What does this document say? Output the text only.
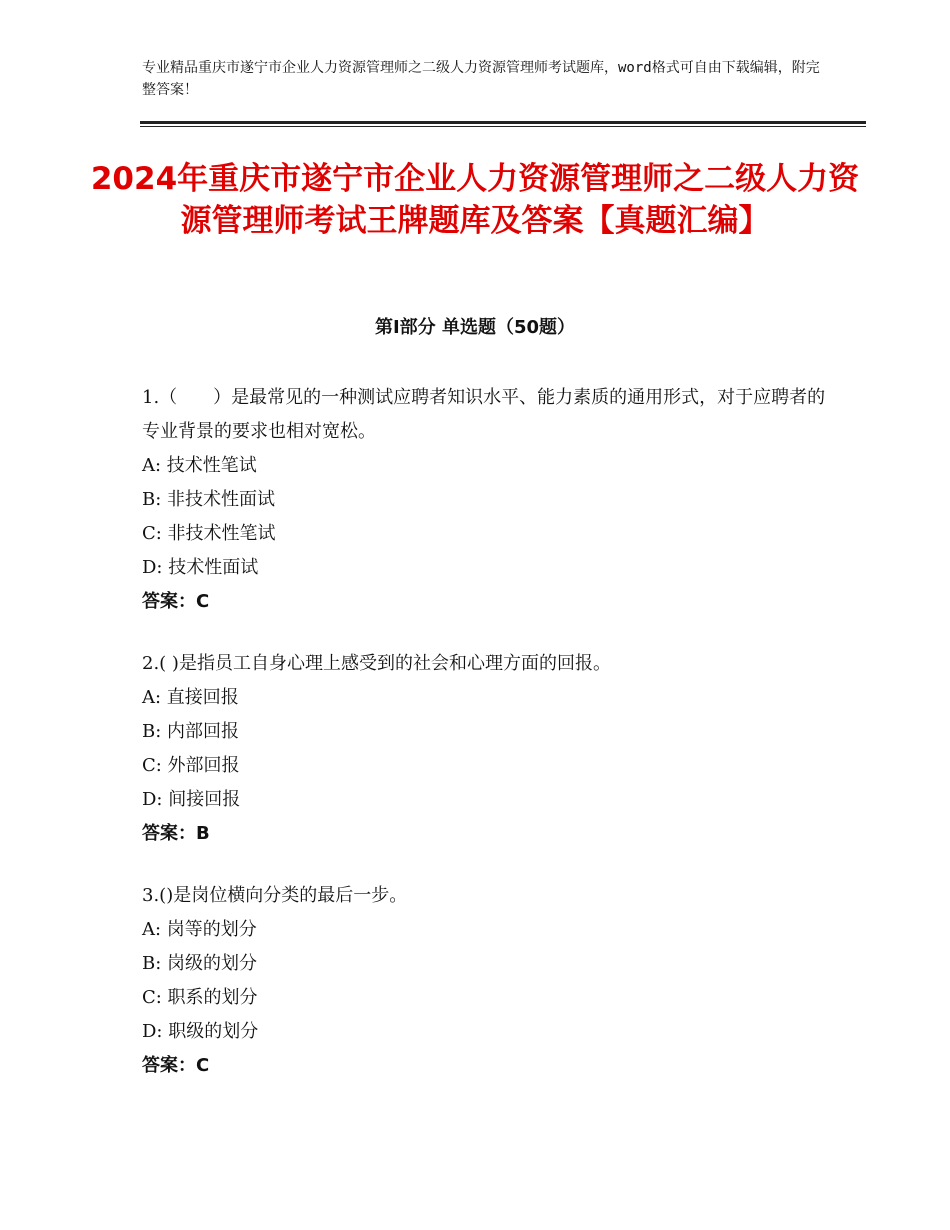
专业精品重庆市遂宁市企业人力资源管理师之二级人力资源管理师考试题库，word格式可自由下载编辑，附完整答案！
2024年重庆市遂宁市企业人力资源管理师之二级人力资源管理师考试王牌题库及答案【真题汇编】
第Ⅰ部分 单选题（50题）
1.（　　）是最常见的一种测试应聘者知识水平、能力素质的通用形式，对于应聘者的专业背景的要求也相对宽松。
A: 技术性笔试
B: 非技术性面试
C: 非技术性笔试
D: 技术性面试
答案：C
2.( )是指员工自身心理上感受到的社会和心理方面的回报。
A: 直接回报
B: 内部回报
C: 外部回报
D: 间接回报
答案：B
3.()是岗位横向分类的最后一步。
A: 岗等的划分
B: 岗级的划分
C: 职系的划分
D: 职级的划分
答案：C
